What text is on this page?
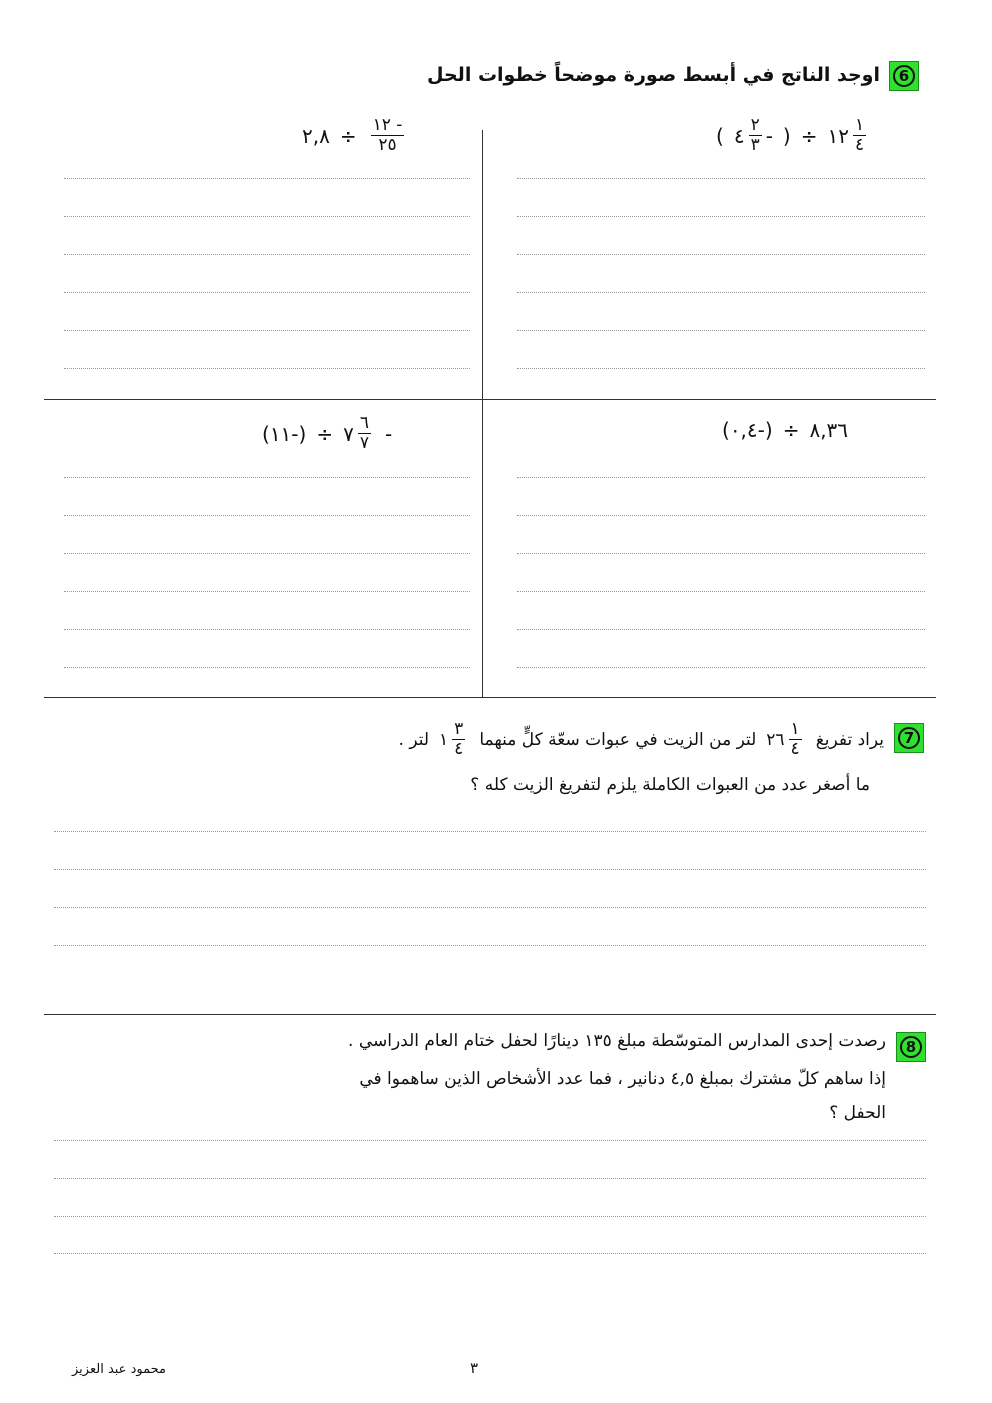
6
اوجد الناتج في أبسط صورة موضحاً خطوات الحل
( ٤ $\frac{٢}{٣}$ - ) ÷ ١٢ $\frac{١}{٤}$
٢,٨ ÷ $\frac{١٢ -}{٢٥}$
(٠,٤-) ÷ ٨,٣٦
(١١-) ÷ ٧ $\frac{٦}{٧}$ -
7
يراد تفريغ
$\frac{١}{٤}$
٢٦
لتر من الزيت في عبوات سعّة كلٍّ منهما
$\frac{٣}{٤}$
١
لتر .
ما أصغر عدد من العبوات الكاملة يلزم لتفريغ الزيت كله ؟
8
رصدت إحدى المدارس المتوسّطة مبلغ ١٣٥ دينارًا لحفل ختام العام الدراسي .
إذا ساهم كلّ مشترك بمبلغ ٤,٥ دنانير ، فما عدد الأشخاص الذين ساهموا في
الحفل ؟
محمود عبد العزيز	٣
